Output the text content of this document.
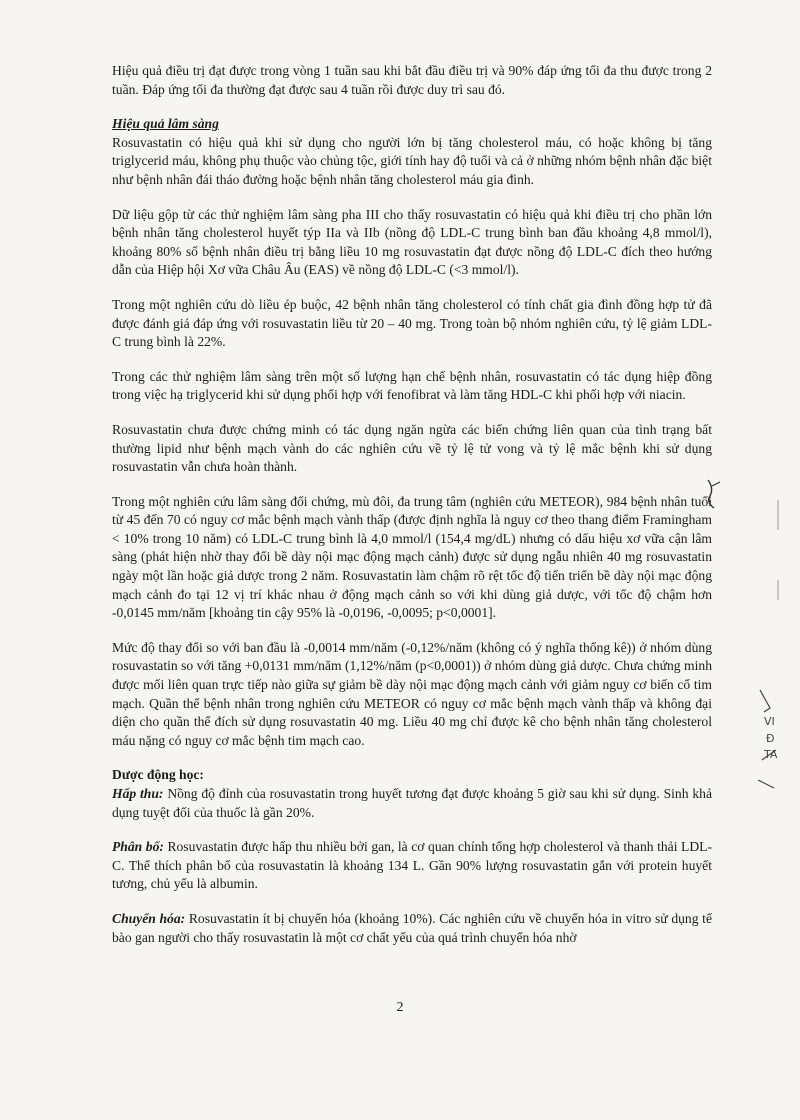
Hiệu quả điều trị đạt được trong vòng 1 tuần sau khi bắt đầu điều trị và 90% đáp ứng tối đa thu được trong 2 tuần. Đáp ứng tối đa thường đạt được sau 4 tuần rồi được duy trì sau đó.

Hiệu quả lâm sàng

Rosuvastatin có hiệu quả khi sử dụng cho người lớn bị tăng cholesterol máu, có hoặc không bị tăng triglycerid máu, không phụ thuộc vào chủng tộc, giới tính hay độ tuổi và cả ở những nhóm bệnh nhân đặc biệt như bệnh nhân đái tháo đường hoặc bệnh nhân tăng cholesterol máu gia đình.

Dữ liệu gộp từ các thử nghiệm lâm sàng pha III cho thấy rosuvastatin có hiệu quả khi điều trị cho phần lớn bệnh nhân tăng cholesterol huyết týp IIa và IIb (nồng độ LDL-C trung bình ban đầu khoảng 4,8 mmol/l), khoảng 80% số bệnh nhân điều trị bằng liều 10 mg rosuvastatin đạt được nồng độ LDL-C đích theo hướng dẫn của Hiệp hội Xơ vữa Châu Âu (EAS) về nồng độ LDL-C (<3 mmol/l).

Trong một nghiên cứu dò liều ép buộc, 42 bệnh nhân tăng cholesterol có tính chất gia đình đồng hợp tử đã được đánh giá đáp ứng với rosuvastatin liều từ 20 – 40 mg. Trong toàn bộ nhóm nghiên cứu, tỷ lệ giảm LDL-C trung bình là 22%.

Trong các thử nghiệm lâm sàng trên một số lượng hạn chế bệnh nhân, rosuvastatin có tác dụng hiệp đồng trong việc hạ triglycerid khi sử dụng phối hợp với fenofibrat và làm tăng HDL-C khi phối hợp với niacin.

Rosuvastatin chưa được chứng minh có tác dụng ngăn ngừa các biến chứng liên quan của tình trạng bất thường lipid như bệnh mạch vành do các nghiên cứu về tỷ lệ tử vong và tỷ lệ mắc bệnh khi sử dụng rosuvastatin vẫn chưa hoàn thành.

Trong một nghiên cứu lâm sàng đối chứng, mù đôi, đa trung tâm (nghiên cứu METEOR), 984 bệnh nhân tuổi từ 45 đến 70 có nguy cơ mắc bệnh mạch vành thấp (được định nghĩa là nguy cơ theo thang điểm Framingham < 10% trong 10 năm) có LDL-C trung bình là 4,0 mmol/l (154,4 mg/dL) nhưng có dấu hiệu xơ vữa cận lâm sàng (phát hiện nhờ thay đổi bề dày nội mạc động mạch cảnh) được sử dụng ngẫu nhiên 40 mg rosuvastatin ngày một lần hoặc giả dược trong 2 năm. Rosuvastatin làm chậm rõ rệt tốc độ tiến triển bề dày nội mạc động mạch cảnh đo tại 12 vị trí khác nhau ở động mạch cảnh so với khi dùng giả dược, với tốc độ chậm hơn -0,0145 mm/năm [khoảng tin cậy 95% là -0,0196, -0,0095; p<0,0001].

Mức độ thay đổi so với ban đầu là -0,0014 mm/năm (-0,12%/năm (không có ý nghĩa thống kê)) ở nhóm dùng rosuvastatin so với tăng +0,0131 mm/năm (1,12%/năm (p<0,0001)) ở nhóm dùng giả dược. Chưa chứng minh được mối liên quan trực tiếp nào giữa sự giảm bề dày nội mạc động mạch cảnh với giảm nguy cơ biến cố tim mạch. Quần thể bệnh nhân trong nghiên cứu METEOR có nguy cơ mắc bệnh mạch vành thấp và không đại diện cho quần thể đích sử dụng rosuvastatin 40 mg. Liều 40 mg chỉ được kê cho bệnh nhân tăng cholesterol máu nặng có nguy cơ mắc bệnh tim mạch cao.

Dược động học:

Hấp thu: Nồng độ đỉnh của rosuvastatin trong huyết tương đạt được khoảng 5 giờ sau khi sử dụng. Sinh khả dụng tuyệt đối của thuốc là gần 20%.

Phân bố: Rosuvastatin được hấp thu nhiều bởi gan, là cơ quan chính tổng hợp cholesterol và thanh thải LDL-C. Thể thích phân bố của rosuvastatin là khoảng 134 L. Gần 90% lượng rosuvastatin gắn với protein huyết tương, chủ yếu là albumin.

Chuyển hóa: Rosuvastatin ít bị chuyển hóa (khoảng 10%). Các nghiên cứu về chuyển hóa in vitro sử dụng tế bào gan người cho thấy rosuvastatin là một cơ chất yếu của quá trình chuyển hóa nhờ

2
VI
Đ
TA
